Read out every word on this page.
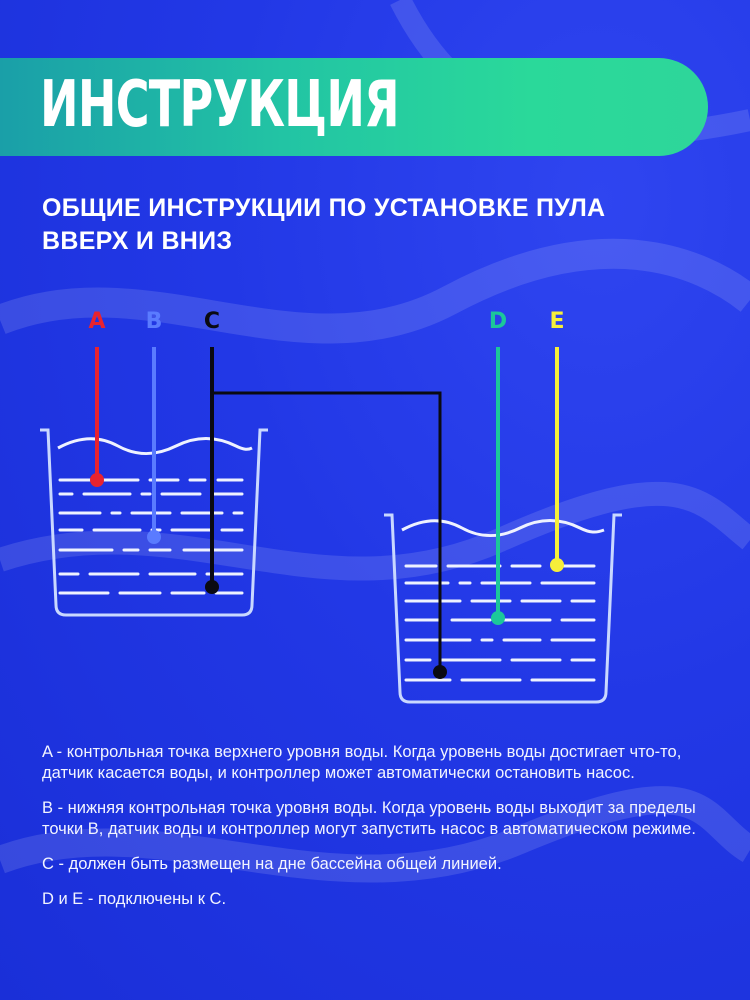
ИНСТРУКЦИЯ
ОБЩИЕ ИНСТРУКЦИИ ПО УСТАНОВКЕ ПУЛА ВВЕРХ И ВНИЗ
A B C	D E

A - контрольная точка верхнего уровня воды. Когда уровень воды достигает что-то, датчик касается воды, и контроллер может автоматически остановить насос.

B - нижняя контрольная точка уровня воды. Когда уровень воды выходит за пределы точки B, датчик воды и контроллер могут запустить насос в автоматическом режиме.

C - должен быть размещен на дне бассейна общей линией.

D и E - подключены к C.
